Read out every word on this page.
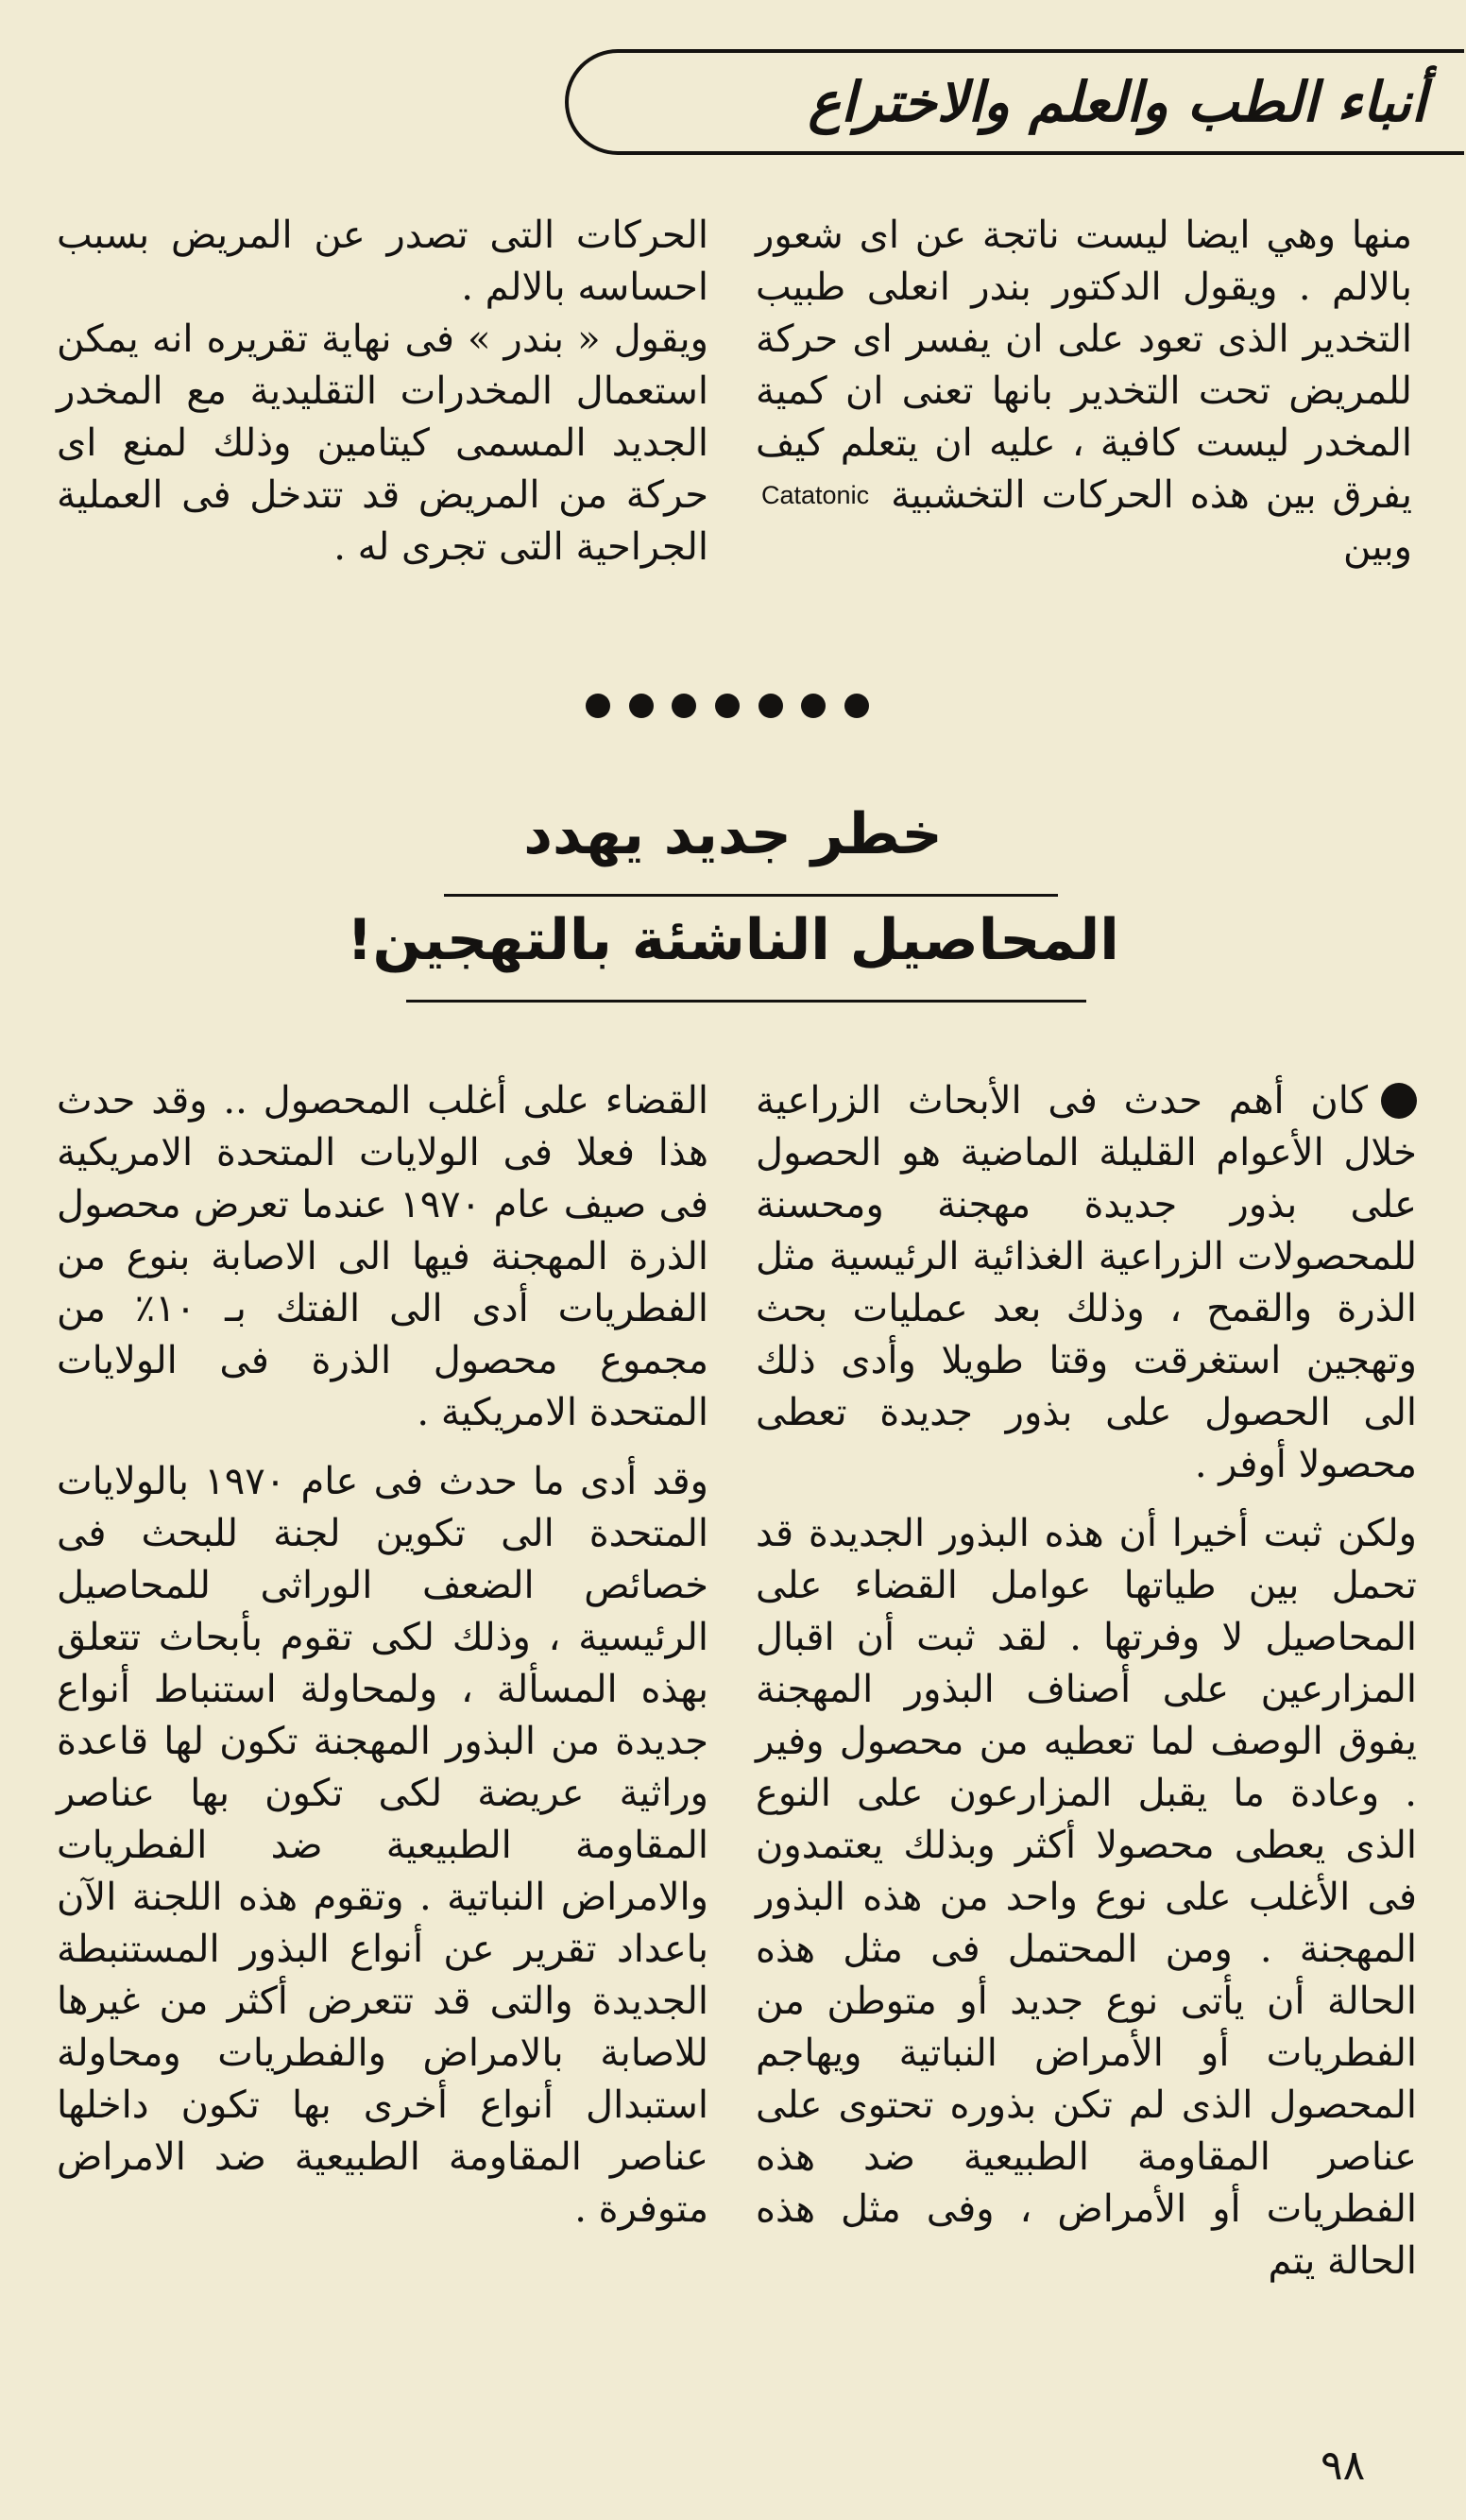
أنباء الطب والعلم والاختراع

منها وهي ايضا ليست ناتجة عن اى شعور بالالم . ويقول الدكتور بندر انعلى طبيب التخدير الذى تعود على ان يفسر اى حركة للمريض تحت التخدير بانها تعنى ان كمية المخدر ليست كافية ، عليه ان يتعلم كيف يفرق بين هذه الحركات التخشبية Catatonic وبين

الحركات التى تصدر عن المريض بسبب احساسه بالالم .

ويقول « بندر » فى نهاية تقريره انه يمكن استعمال المخدرات التقليدية مع المخدر الجديد المسمى كيتامين وذلك لمنع اى حركة من المريض قد تتدخل فى العملية الجراحية التى تجرى له .

خطر جديد يهدد
المحاصيل الناشئة بالتهجين!

كان أهم حدث فى الأبحاث الزراعية خلال الأعوام القليلة الماضية هو الحصول على بذور جديدة مهجنة ومحسنة للمحصولات الزراعية الغذائية الرئيسية مثل الذرة والقمح ، وذلك بعد عمليات بحث وتهجين استغرقت وقتا طويلا وأدى ذلك الى الحصول على بذور جديدة تعطى محصولا أوفر .

ولكن ثبت أخيرا أن هذه البذور الجديدة قد تحمل بين طياتها عوامل القضاء على المحاصيل لا وفرتها . لقد ثبت أن اقبال المزارعين على أصناف البذور المهجنة يفوق الوصف لما تعطيه من محصول وفير . وعادة ما يقبل المزارعون على النوع الذى يعطى محصولا أكثر وبذلك يعتمدون فى الأغلب على نوع واحد من هذه البذور المهجنة . ومن المحتمل فى مثل هذه الحالة أن يأتى نوع جديد أو متوطن من الفطريات أو الأمراض النباتية ويهاجم المحصول الذى لم تكن بذوره تحتوى على عناصر المقاومة الطبيعية ضد هذه الفطريات أو الأمراض ، وفى مثل هذه الحالة يتم

القضاء على أغلب المحصول .. وقد حدث هذا فعلا فى الولايات المتحدة الامريكية فى صيف عام ١٩٧٠ عندما تعرض محصول الذرة المهجنة فيها الى الاصابة بنوع من الفطريات أدى الى الفتك بـ ١٠٪ من مجموع محصول الذرة فى الولايات المتحدة الامريكية .

وقد أدى ما حدث فى عام ١٩٧٠ بالولايات المتحدة الى تكوين لجنة للبحث فى خصائص الضعف الوراثى للمحاصيل الرئيسية ، وذلك لكى تقوم بأبحاث تتعلق بهذه المسألة ، ولمحاولة استنباط أنواع جديدة من البذور المهجنة تكون لها قاعدة وراثية عريضة لكى تكون بها عناصر المقاومة الطبيعية ضد الفطريات والامراض النباتية . وتقوم هذه اللجنة الآن باعداد تقرير عن أنواع البذور المستنبطة الجديدة والتى قد تتعرض أكثر من غيرها للاصابة بالامراض والفطريات ومحاولة استبدال أنواع أخرى بها تكون داخلها عناصر المقاومة الطبيعية ضد الامراض متوفرة .

٩٨
